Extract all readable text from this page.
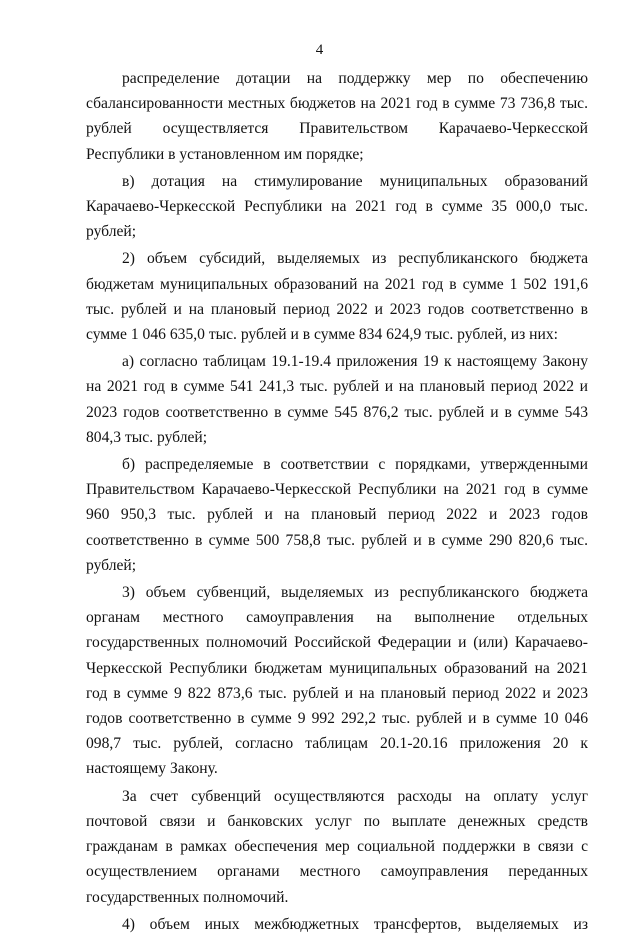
4

распределение дотации на поддержку мер по обеспечению сбалансированности местных бюджетов на 2021 год в сумме 73 736,8 тыс. рублей осуществляется Правительством Карачаево-Черкесской Республики в установленном им порядке;

в) дотация на стимулирование муниципальных образований Карачаево-Черкесской Республики на 2021 год в сумме 35 000,0 тыс. рублей;

2) объем субсидий, выделяемых из республиканского бюджета бюджетам муниципальных образований на 2021 год в сумме 1 502 191,6 тыс. рублей и на плановый период 2022 и 2023 годов соответственно в сумме 1 046 635,0 тыс. рублей и в сумме 834 624,9 тыс. рублей, из них:

а) согласно таблицам 19.1-19.4 приложения 19 к настоящему Закону на 2021 год в сумме 541 241,3 тыс. рублей и на плановый период 2022 и 2023 годов соответственно в сумме 545 876,2 тыс. рублей и в сумме 543 804,3 тыс. рублей;

б) распределяемые в соответствии с порядками, утвержденными Правительством Карачаево-Черкесской Республики на 2021 год в сумме 960 950,3 тыс. рублей и на плановый период 2022 и 2023 годов соответственно в сумме 500 758,8 тыс. рублей и в сумме 290 820,6 тыс. рублей;

3) объем субвенций, выделяемых из республиканского бюджета органам местного самоуправления на выполнение отдельных государственных полномочий Российской Федерации и (или) Карачаево-Черкесской Республики бюджетам муниципальных образований на 2021 год в сумме 9 822 873,6 тыс. рублей и на плановый период 2022 и 2023 годов соответственно в сумме 9 992 292,2 тыс. рублей и в сумме 10 046 098,7 тыс. рублей, согласно таблицам 20.1-20.16 приложения 20 к настоящему Закону.

За счет субвенций осуществляются расходы на оплату услуг почтовой связи и банковских услуг по выплате денежных средств гражданам в рамках обеспечения мер социальной поддержки в связи с осуществлением органами местного самоуправления переданных государственных полномочий.

4) объем иных межбюджетных трансфертов, выделяемых из
